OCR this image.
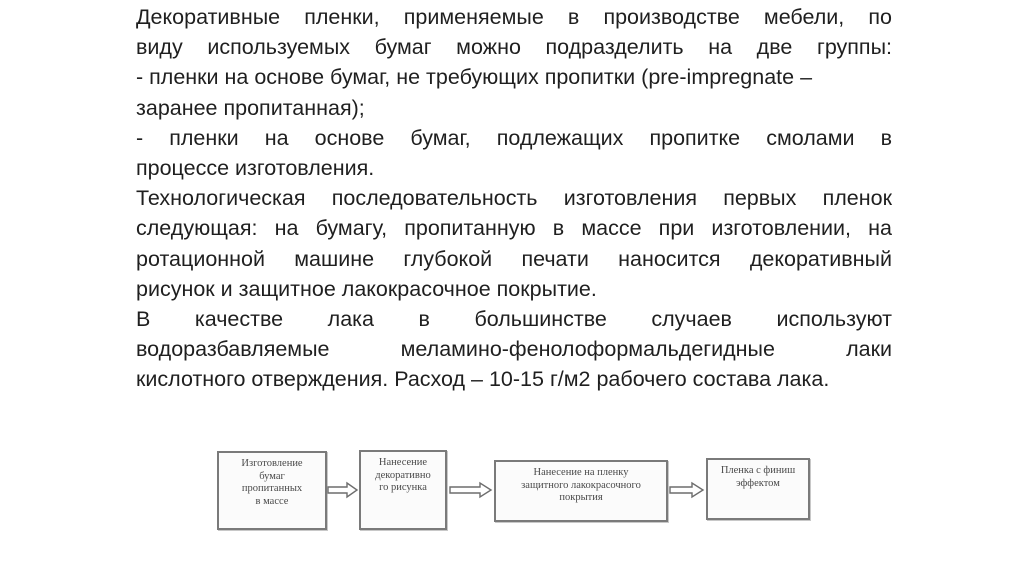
Декоративные пленки, применяемые в производстве мебели, по
виду используемых бумаг можно подразделить на две группы:

- пленки на основе бумаг, не требующих пропитки (pre-impregnate –
заранее пропитанная);

- пленки на основе бумаг, подлежащих пропитке смолами в
процессе изготовления.

Технологическая последовательность изготовления первых пленок
следующая: на бумагу, пропитанную в массе при изготовлении, на
ротационной машине глубокой печати наносится декоративный
рисунок и защитное лакокрасочное покрытие.

В качестве лака в большинстве случаев используют
водоразбавляемые меламино-фенолоформальдегидныe лаки
кислотного отверждения. Расход – 10-15 г/м2 рабочего состава лака.

Изготовление
бумаг
пропитанных
в массе
Нанесение
декоративно
го рисунка
Нанесение на пленку
защитного лакокрасочного
покрытия
Пленка с финиш
эффектом
